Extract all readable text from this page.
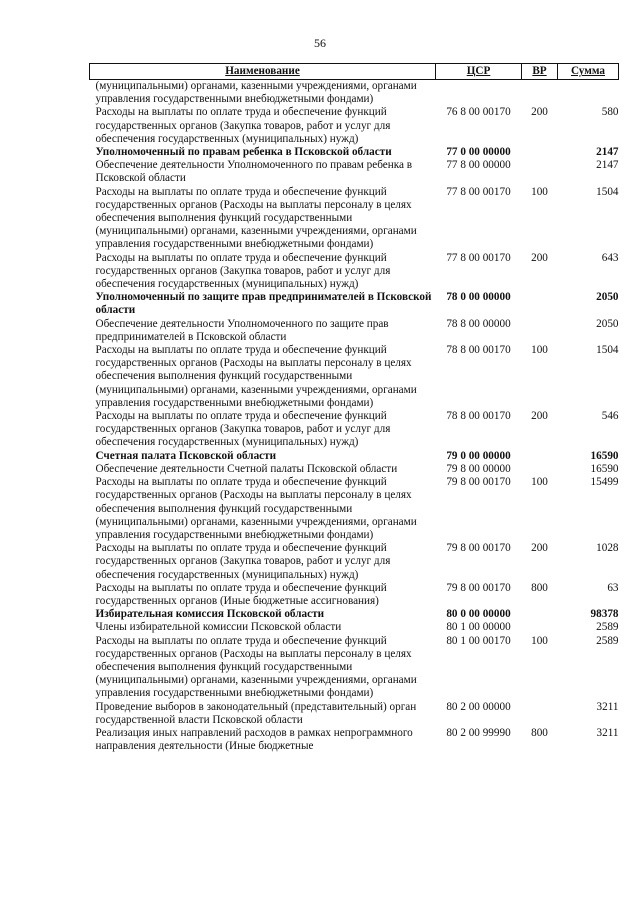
56
Наименование	ЦСР	ВР	Сумма
(муниципальными) органами, казенными учреждениями, органами управления государственными внебюджетными фондами)			
Расходы на выплаты по оплате труда и обеспечение функций государственных органов (Закупка товаров, работ и услуг для обеспечения государственных (муниципальных) нужд)	76 8 00 00170	200	580
Уполномоченный по правам ребенка в Псковской области	77 0 00 00000		2147
Обеспечение деятельности Уполномоченного по правам ребенка в Псковской области	77 8 00 00000		2147
Расходы на выплаты по оплате труда и обеспечение функций государственных органов (Расходы на выплаты персоналу в целях обеспечения выполнения функций государственными (муниципальными) органами, казенными учреждениями, органами управления государственными внебюджетными фондами)	77 8 00 00170	100	1504
Расходы на выплаты по оплате труда и обеспечение функций государственных органов (Закупка товаров, работ и услуг для обеспечения государственных (муниципальных) нужд)	77 8 00 00170	200	643
Уполномоченный по защите прав предпринимателей в Псковской области	78 0 00 00000		2050
Обеспечение деятельности Уполномоченного по защите прав предпринимателей в Псковской области	78 8 00 00000		2050
Расходы на выплаты по оплате труда и обеспечение функций государственных органов (Расходы на выплаты персоналу в целях обеспечения выполнения функций государственными (муниципальными) органами, казенными учреждениями, органами управления государственными внебюджетными фондами)	78 8 00 00170	100	1504
Расходы на выплаты по оплате труда и обеспечение функций государственных органов (Закупка товаров, работ и услуг для обеспечения государственных (муниципальных) нужд)	78 8 00 00170	200	546
Счетная палата Псковской области	79 0 00 00000		16590
Обеспечение деятельности Счетной палаты Псковской области	79 8 00 00000		16590
Расходы на выплаты по оплате труда и обеспечение функций государственных органов (Расходы на выплаты персоналу в целях обеспечения выполнения функций государственными (муниципальными) органами, казенными учреждениями, органами управления государственными внебюджетными фондами)	79 8 00 00170	100	15499
Расходы на выплаты по оплате труда и обеспечение функций государственных органов (Закупка товаров, работ и услуг для обеспечения государственных (муниципальных) нужд)	79 8 00 00170	200	1028
Расходы на выплаты по оплате труда и обеспечение функций государственных органов (Иные бюджетные ассигнования)	79 8 00 00170	800	63
Избирательная комиссия Псковской области	80 0 00 00000		98378
Члены избирательной комиссии Псковской области	80 1 00 00000		2589
Расходы на выплаты по оплате труда и обеспечение функций государственных органов (Расходы на выплаты персоналу в целях обеспечения выполнения функций государственными (муниципальными) органами, казенными учреждениями, органами управления государственными внебюджетными фондами)	80 1 00 00170	100	2589
Проведение выборов в законодательный (представительный) орган государственной власти Псковской области	80 2 00 00000		3211
Реализация иных направлений расходов в рамках непрограммного направления деятельности (Иные бюджетные	80 2 00 99990	800	3211
